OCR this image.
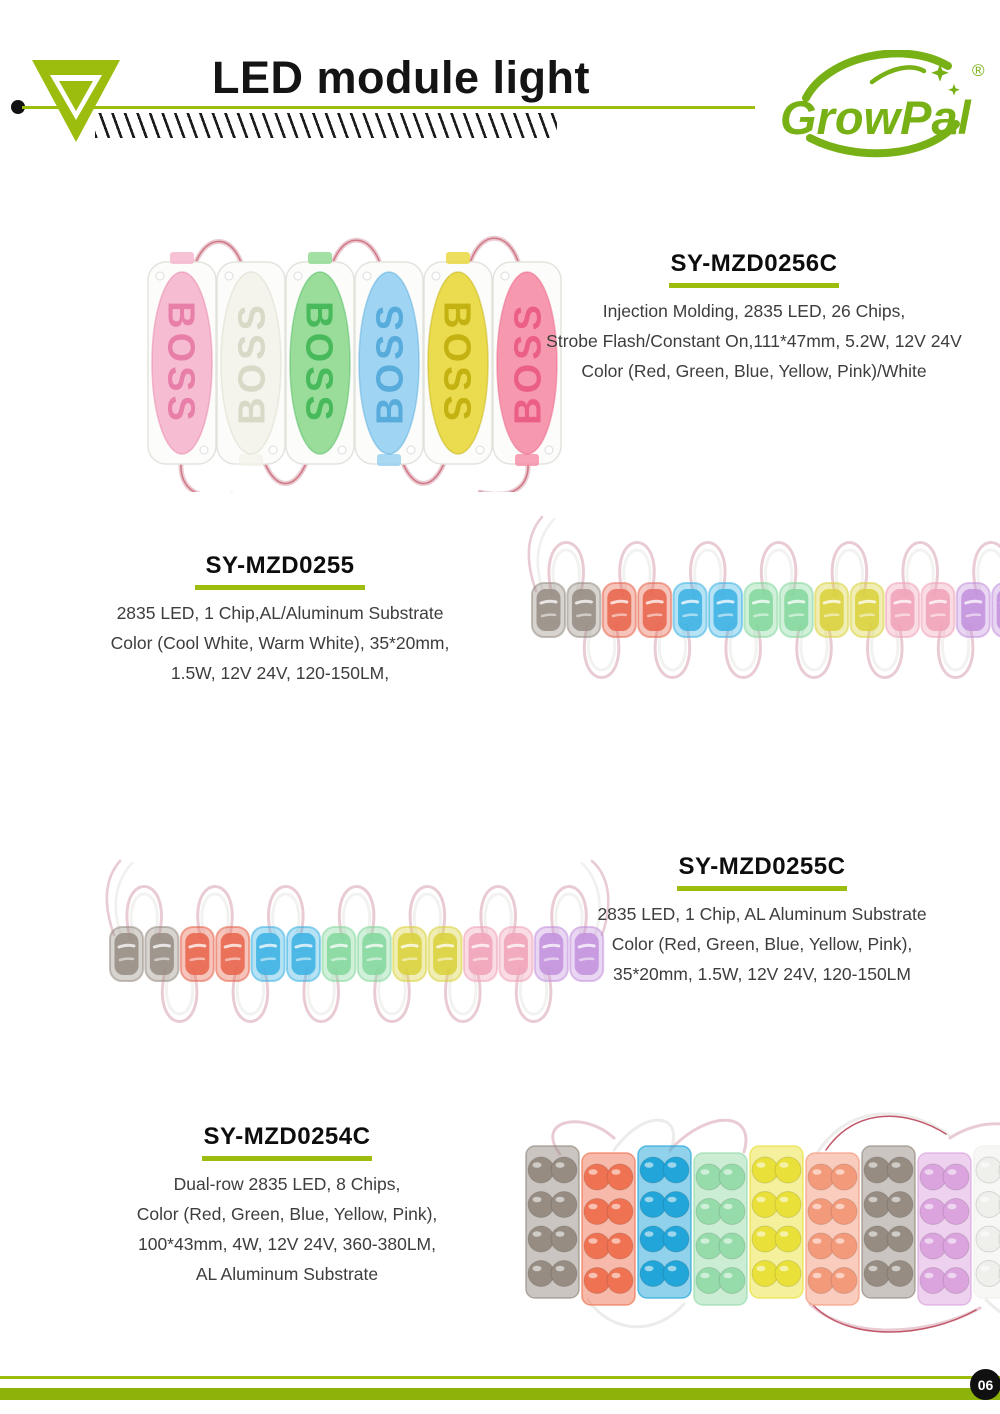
LED module light
GrowPal
®
BOSS BOSS BOSS BOSS BOSS BOSS
SY-MZD0256C

Injection Molding, 2835 LED, 26 Chips,

Strobe Flash/Constant On,111*47mm, 5.2W, 12V 24V

Color (Red, Green, Blue, Yellow, Pink)/White

SY-MZD0255

2835 LED, 1 Chip,AL/Aluminum Substrate

Color (Cool White, Warm White), 35*20mm,

1.5W, 12V 24V, 120-150LM,

SY-MZD0255C

2835 LED, 1 Chip, AL Aluminum Substrate

Color (Red, Green, Blue, Yellow, Pink),

35*20mm, 1.5W, 12V 24V, 120-150LM

SY-MZD0254C

Dual-row 2835 LED, 8 Chips,

Color (Red, Green, Blue, Yellow, Pink),

100*43mm, 4W, 12V 24V, 360-380LM,

AL Aluminum Substrate

06
